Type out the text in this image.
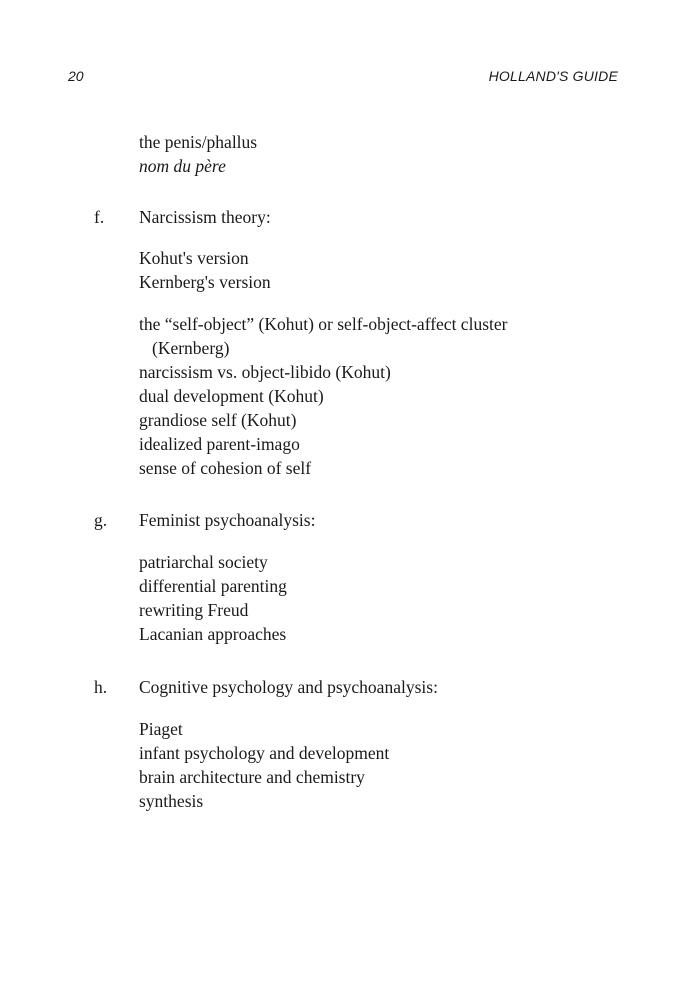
20	HOLLAND'S GUIDE
the penis/phallus
nom du père
f. Narcissism theory:
Kohut's version
Kernberg's version
the “self-object” (Kohut) or self-object-affect cluster
(Kernberg)
narcissism vs. object-libido (Kohut)
dual development (Kohut)
grandiose self (Kohut)
idealized parent-imago
sense of cohesion of self
g. Feminist psychoanalysis:
patriarchal society
differential parenting
rewriting Freud
Lacanian approaches
h. Cognitive psychology and psychoanalysis:
Piaget
infant psychology and development
brain architecture and chemistry
synthesis
